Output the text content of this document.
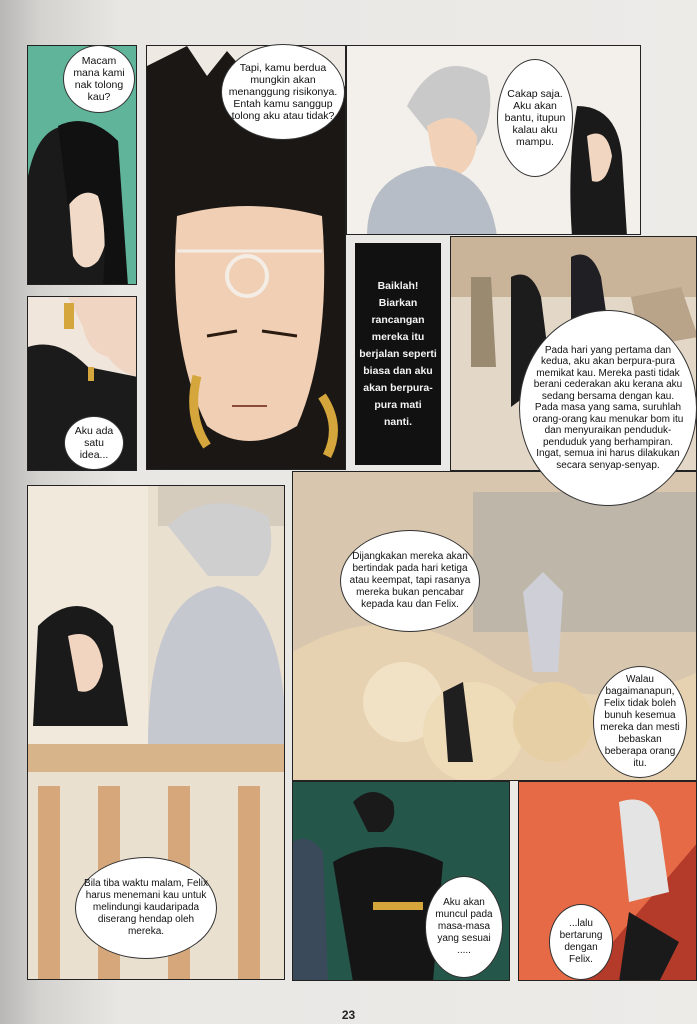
Baiklah! Biarkan rancangan mereka itu berjalan seperti biasa dan aku akan berpura-pura mati nanti.
Macam mana kami nak tolong kau?
Tapi, kamu berdua mungkin akan menanggung risikonya. Entah kamu sanggup tolong aku atau tidak?
Cakap saja. Aku akan bantu, itupun kalau aku mampu.
Aku ada satu idea...
Pada hari yang pertama dan kedua, aku akan berpura-pura memikat kau. Mereka pasti tidak berani cederakan aku kerana aku sedang bersama dengan kau. Pada masa yang sama, suruhlah orang-orang kau menukar bom itu dan menyuraikan penduduk-penduduk yang berhampiran. Ingat, semua ini harus dilakukan secara senyap-senyap.
Dijangkakan mereka akan bertindak pada hari ketiga atau keempat, tapi rasanya mereka bukan pencabar kepada kau dan Felix.
Walau bagaimanapun, Felix tidak boleh bunuh kesemua mereka dan mesti bebaskan beberapa orang itu.
Bila tiba waktu malam, Felix harus menemani kau untuk melindungi kaudaripada diserang hendap oleh mereka.
Aku akan muncul pada masa-masa yang sesuai .....
...lalu bertarung dengan Felix.
23
